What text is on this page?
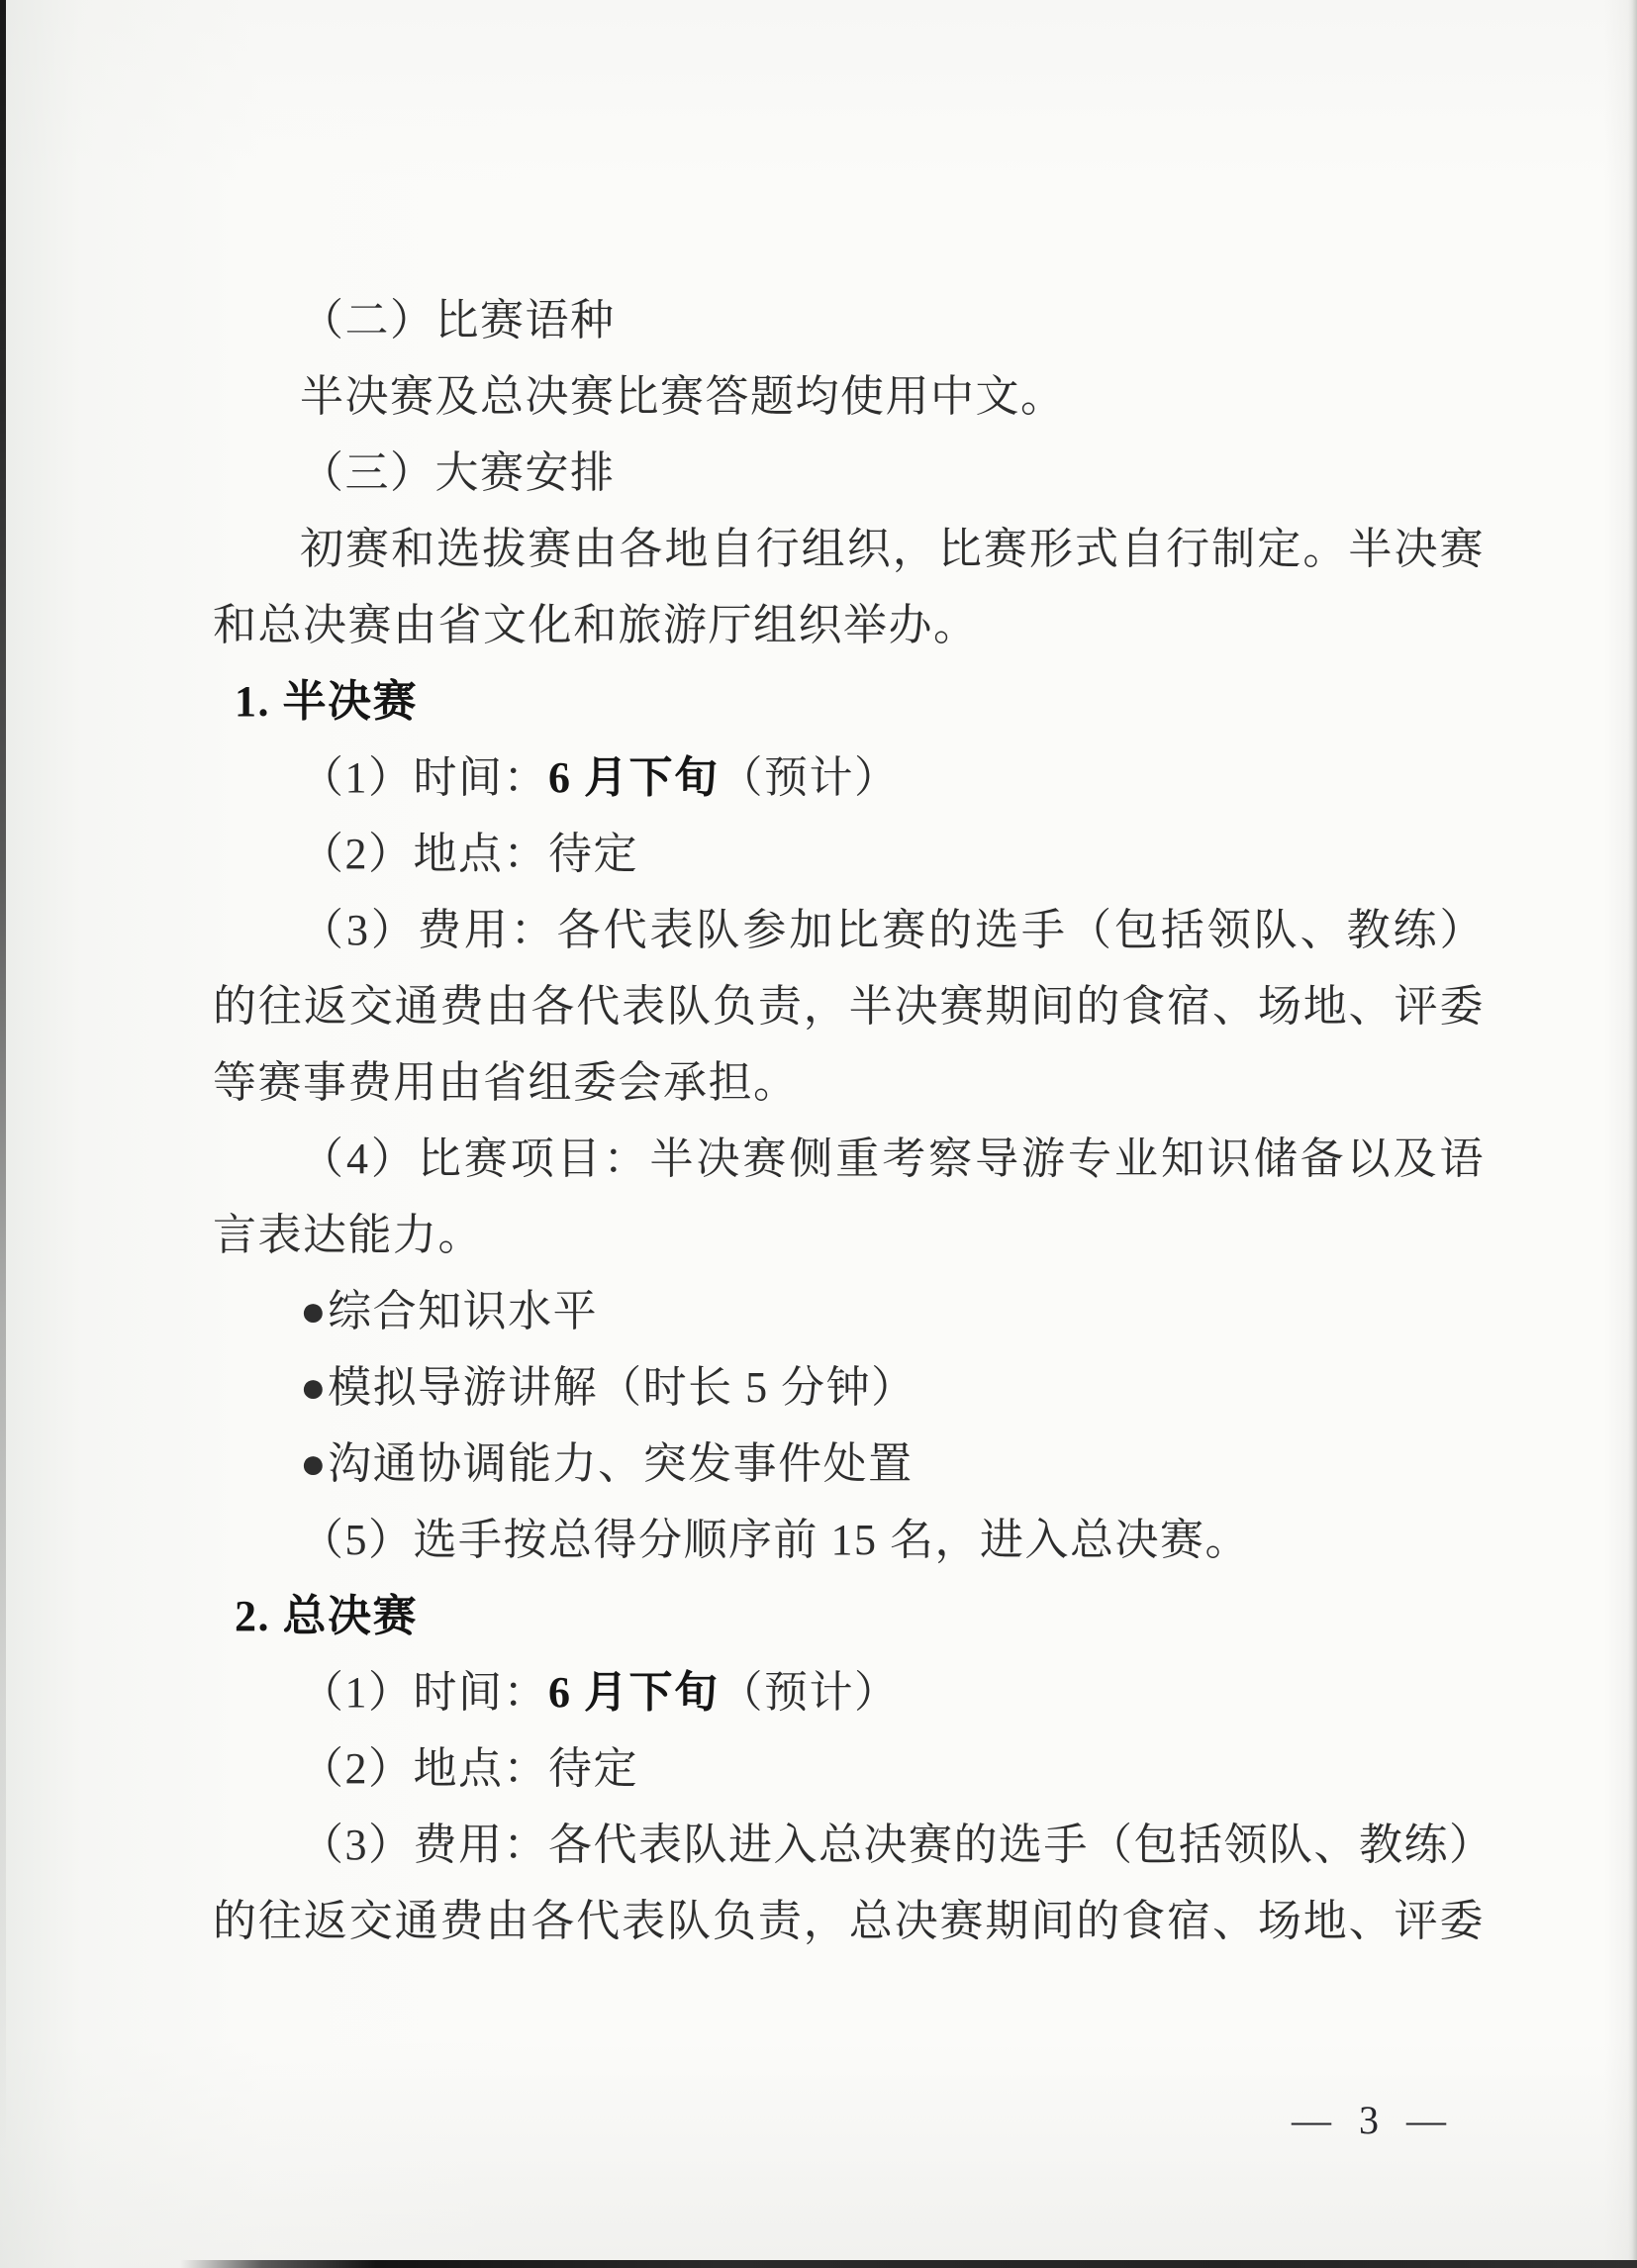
（二）比赛语种
半决赛及总决赛比赛答题均使用中文。
（三）大赛安排
初赛和选拔赛由各地自行组织，比赛形式自行制定。半决赛
和总决赛由省文化和旅游厅组织举办。
1. 半决赛
（1）时间：6 月下旬（预计）
（2）地点：待定
（3）费用：各代表队参加比赛的选手（包括领队、教练）
的往返交通费由各代表队负责，半决赛期间的食宿、场地、评委
等赛事费用由省组委会承担。
（4）比赛项目：半决赛侧重考察导游专业知识储备以及语
言表达能力。
●综合知识水平
●模拟导游讲解（时长 5 分钟）
●沟通协调能力、突发事件处置
（5）选手按总得分顺序前 15 名，进入总决赛。
2. 总决赛
（1）时间：6 月下旬（预计）
（2）地点：待定
（3）费用：各代表队进入总决赛的选手（包括领队、教练）
的往返交通费由各代表队负责，总决赛期间的食宿、场地、评委
— 3 —
